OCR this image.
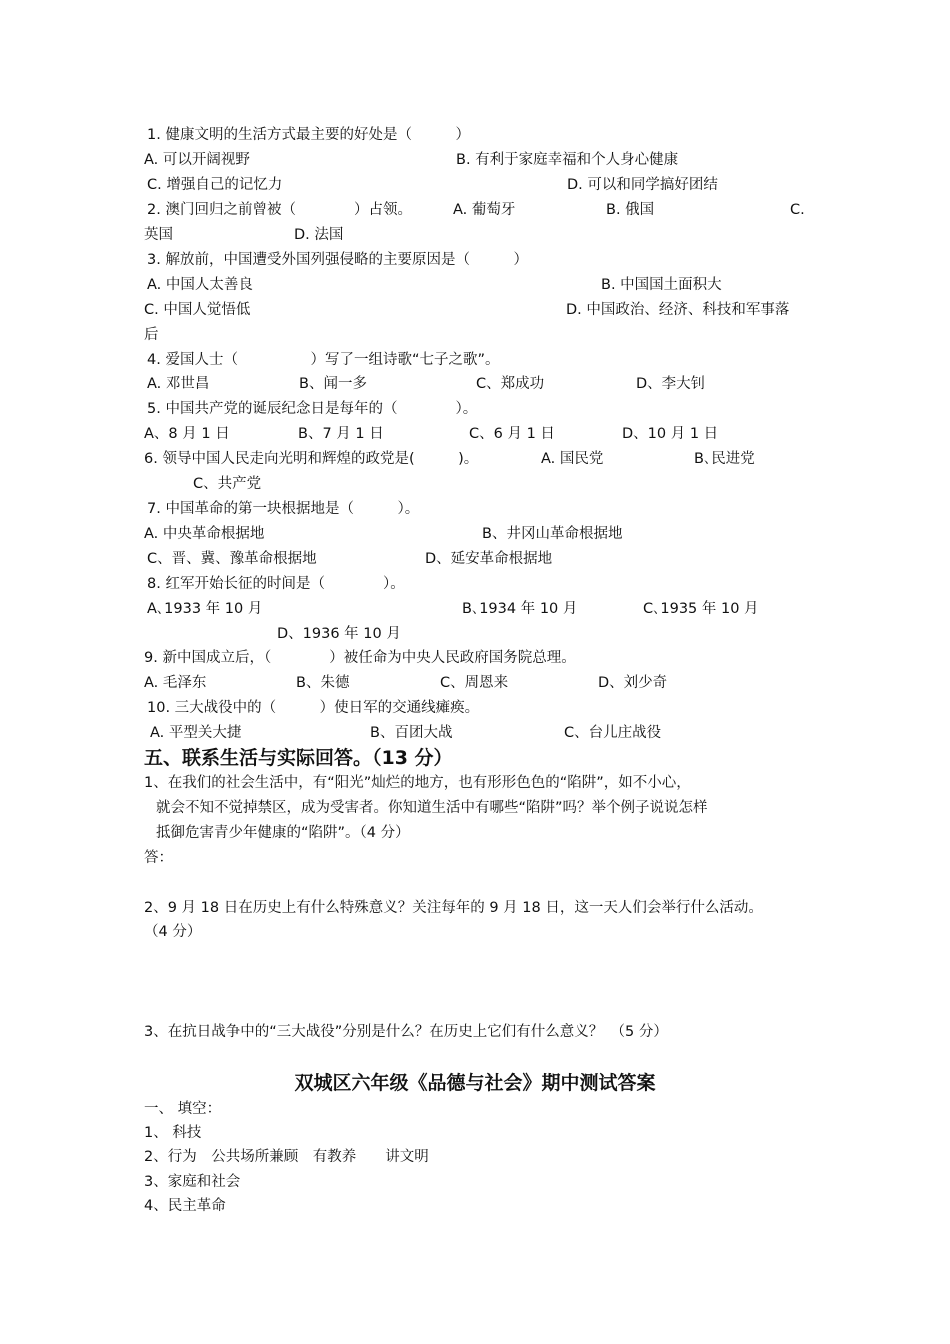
1. 健康文明的生活方式最主要的好处是（　　　）
A. 可以开阔视野	B. 有利于家庭幸福和个人身心健康
C. 增强自己的记忆力	D. 可以和同学搞好团结
2. 澳门回归之前曾被（　　　　）占领。	A. 葡萄牙	B. 俄国	C.
英国	D. 法国
3. 解放前，中国遭受外国列强侵略的主要原因是（　　　）
A. 中国人太善良	B. 中国国土面积大
C. 中国人觉悟低	D. 中国政治、经济、科技和军事落
后
4. 爱国人士（　　　　　）写了一组诗歌“七子之歌”。
A. 邓世昌	B、闻一多	C、郑成功	D、李大钊
5. 中国共产党的诞辰纪念日是每年的（　　　　）。
A、8 月 1 日	B、7 月 1 日	C、6 月 1 日	D、10 月 1 日
6. 领导中国人民走向光明和辉煌的政党是(　　　)。	A. 国民党	B､民进党
C、共产党
7. 中国革命的第一块根据地是（　　　）。
A. 中央革命根据地	B、井冈山革命根据地
C、晋、冀、豫革命根据地	D、延安革命根据地
8. 红军开始长征的时间是（　　　　）。
A､1933 年 10 月	B､1934 年 10 月	C､1935 年 10 月
D、1936 年 10 月
9. 新中国成立后，（　　　　）被任命为中央人民政府国务院总理。
A. 毛泽东	B、朱德	C、周恩来	D、刘少奇
10. 三大战役中的（　　　）使日军的交通线瘫痪。
A. 平型关大捷	B、百团大战	C、台儿庄战役
五、联系生活与实际回答。（13 分）
1、在我们的社会生活中，有“阳光”灿烂的地方，也有形形色色的“陷阱”，如不小心，
就会不知不觉掉禁区，成为受害者。你知道生活中有哪些“陷阱”吗？举个例子说说怎样
抵御危害青少年健康的“陷阱”。（4 分）
答：
2、9 月 18 日在历史上有什么特殊意义？关注每年的 9 月 18 日，这一天人们会举行什么活动。
（4 分）
3、在抗日战争中的“三大战役”分别是什么？在历史上它们有什么意义？　（5 分）
双城区六年级《品德与社会》期中测试答案
一、 填空：
1、 科技
2、行为　公共场所兼顾　有教养　　讲文明
3、家庭和社会
4、民主革命
